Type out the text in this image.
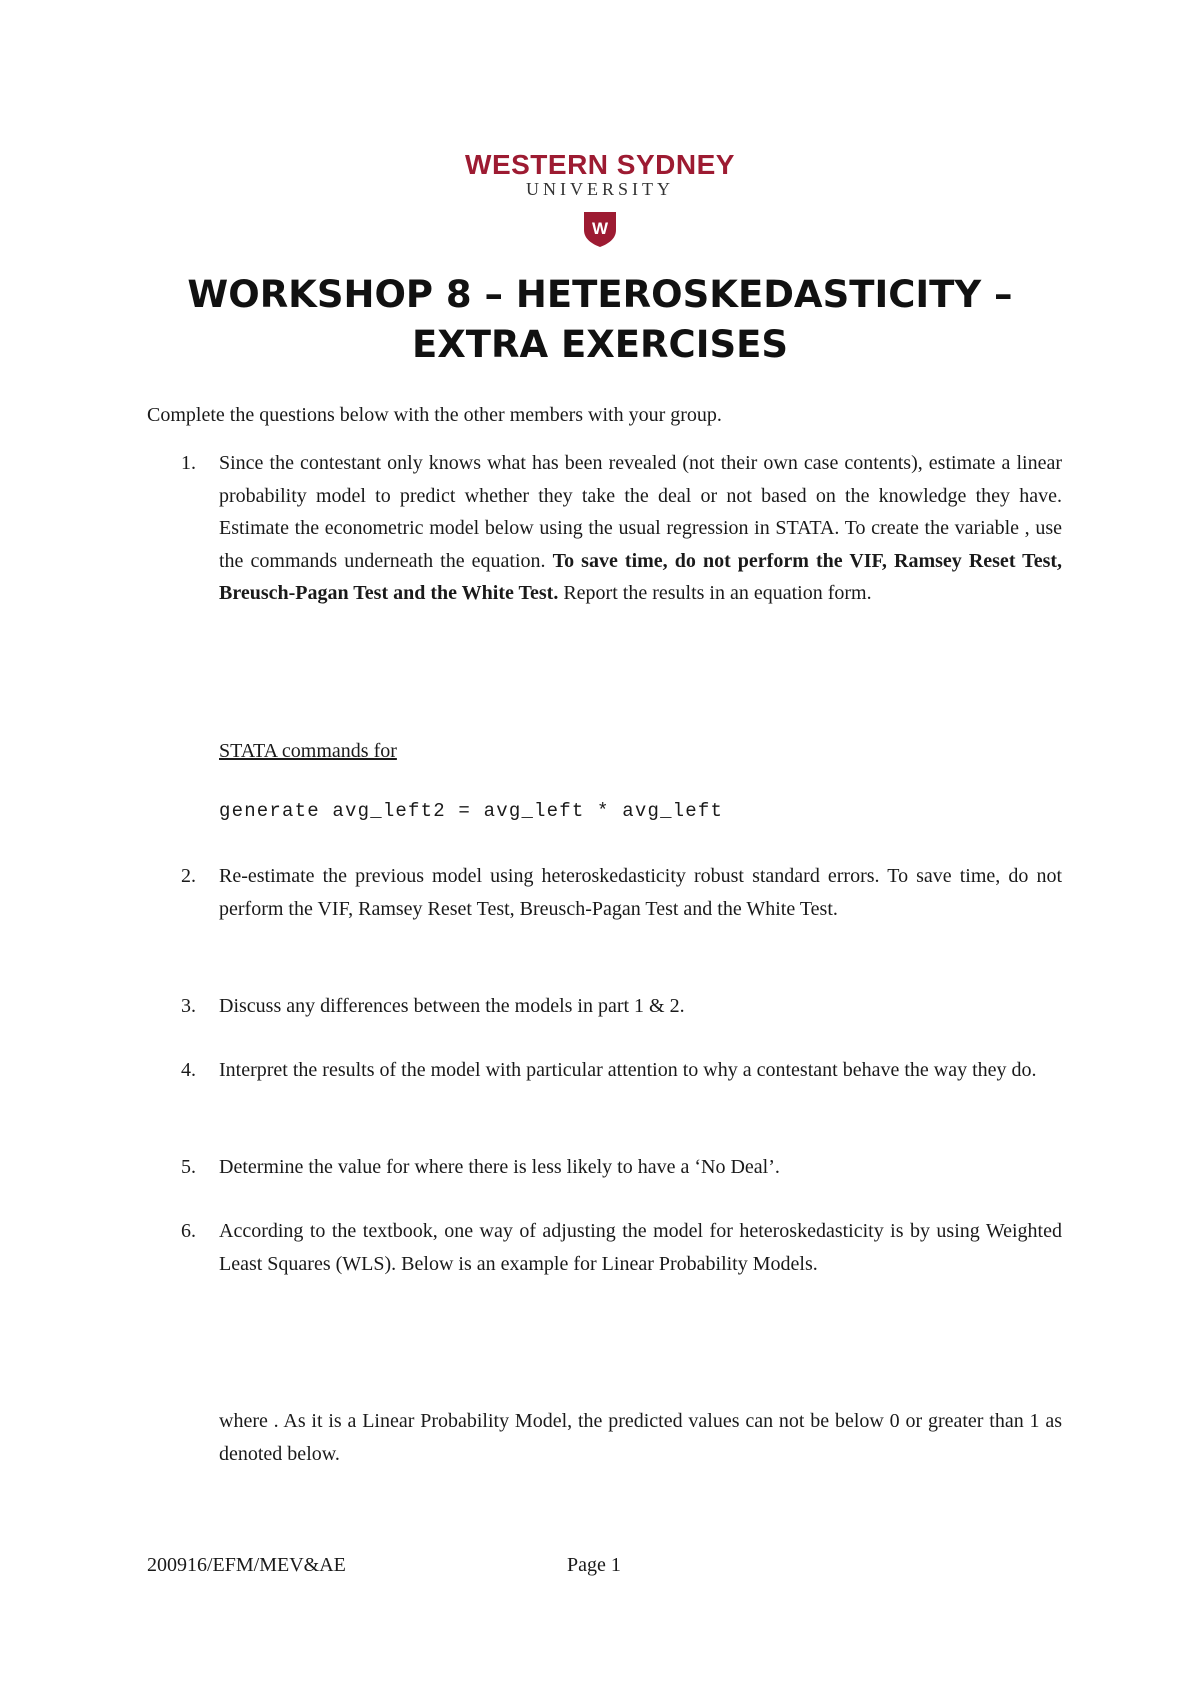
WESTERN SYDNEY
UNIVERSITY
W
WORKSHOP 8 – HETEROSKEDASTICITY –
EXTRA EXERCISES
Complete the questions below with the other members with your group.
1.	Since the contestant only knows what has been revealed (not their own case contents), estimate a linear probability model to predict whether they take the deal or not based on the knowledge they have. Estimate the econometric model below using the usual regression in STATA. To create the variable , use the commands underneath the equation. To save time, do not perform the VIF, Ramsey Reset Test, Breusch-Pagan Test and the White Test. Report the results in an equation form.
2.	Re-estimate the previous model using heteroskedasticity robust standard errors. To save time, do not perform the VIF, Ramsey Reset Test, Breusch-Pagan Test and the White Test.
3.	Discuss any differences between the models in part 1 & 2.
4.	Interpret the results of the model with particular attention to why a contestant behave the way they do.
5.	Determine the value for where there is less likely to have a ‘No Deal’.
6.	According to the textbook, one way of adjusting the model for heteroskedasticity is by using Weighted Least Squares (WLS). Below is an example for Linear Probability Models.
STATA commands for
generate avg_left2 = avg_left * avg_left
where . As it is a Linear Probability Model, the predicted values can not be below 0 or greater than 1 as denoted below.
200916/EFM/MEV&AE	Page 1
